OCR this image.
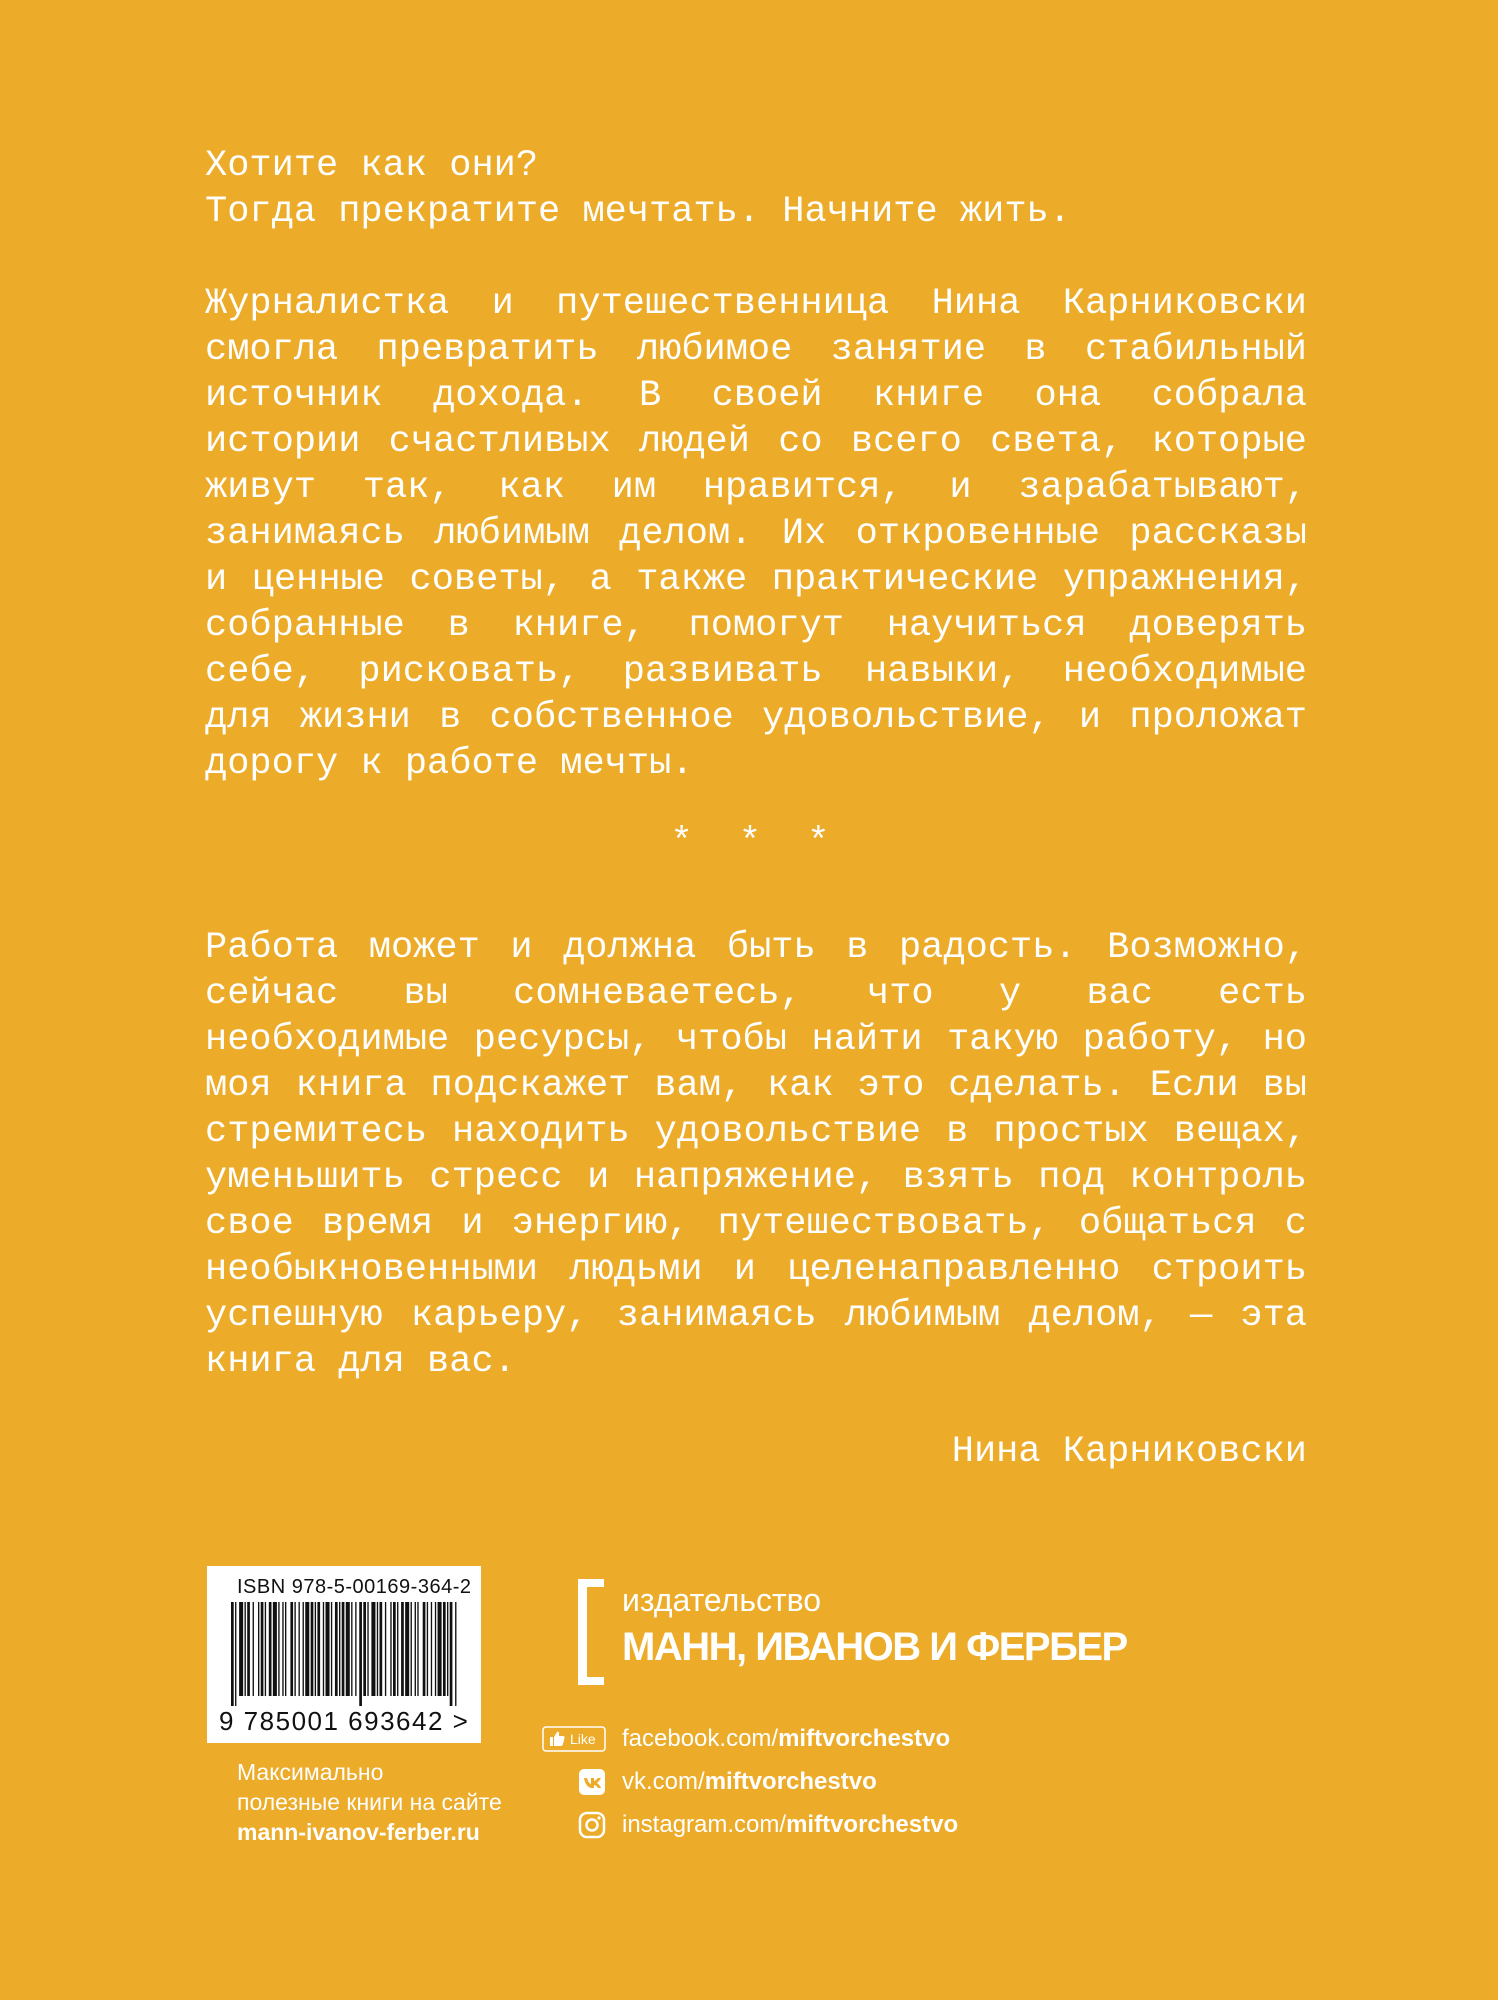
Хотите как они?

Тогда прекратите мечтать. Начните жить.

Журналистка и путешественница Нина Карниковски смогла превратить любимое занятие в стабильный источник дохода. В своей книге она собрала истории счастливых людей со всего света, которые живут так, как им нравится, и зарабатывают, занимаясь любимым делом. Их откровенные рассказы и ценные советы, а также практические упражнения, собранные в книге, помогут научиться доверять себе, рисковать, развивать навыки, необходимые для жизни в собственное удовольствие, и проложат дорогу к работе мечты.

* * *

Работа может и должна быть в радость. Возможно, сейчас вы сомневаетесь, что у вас есть необходимые ресурсы, чтобы найти такую работу, но моя книга подскажет вам, как это сделать. Если вы стремитесь находить удовольствие в простых вещах, уменьшить стресс и напряжение, взять под контроль свое время и энергию, путешествовать, общаться с необыкновенными людьми и целенаправленно строить успешную карьеру, занимаясь любимым делом, — эта книга для вас.

Нина Карниковски
ISBN 978-5-00169-364-2
9 785001 693642 >
Максимально
полезные книги на сайте
mann-ivanov-ferber.ru
издательство
МАНН, ИВАНОВ И ФЕРБЕР
Like facebook.com/miftvorchestvo
vk.com/miftvorchestvo
instagram.com/miftvorchestvo
